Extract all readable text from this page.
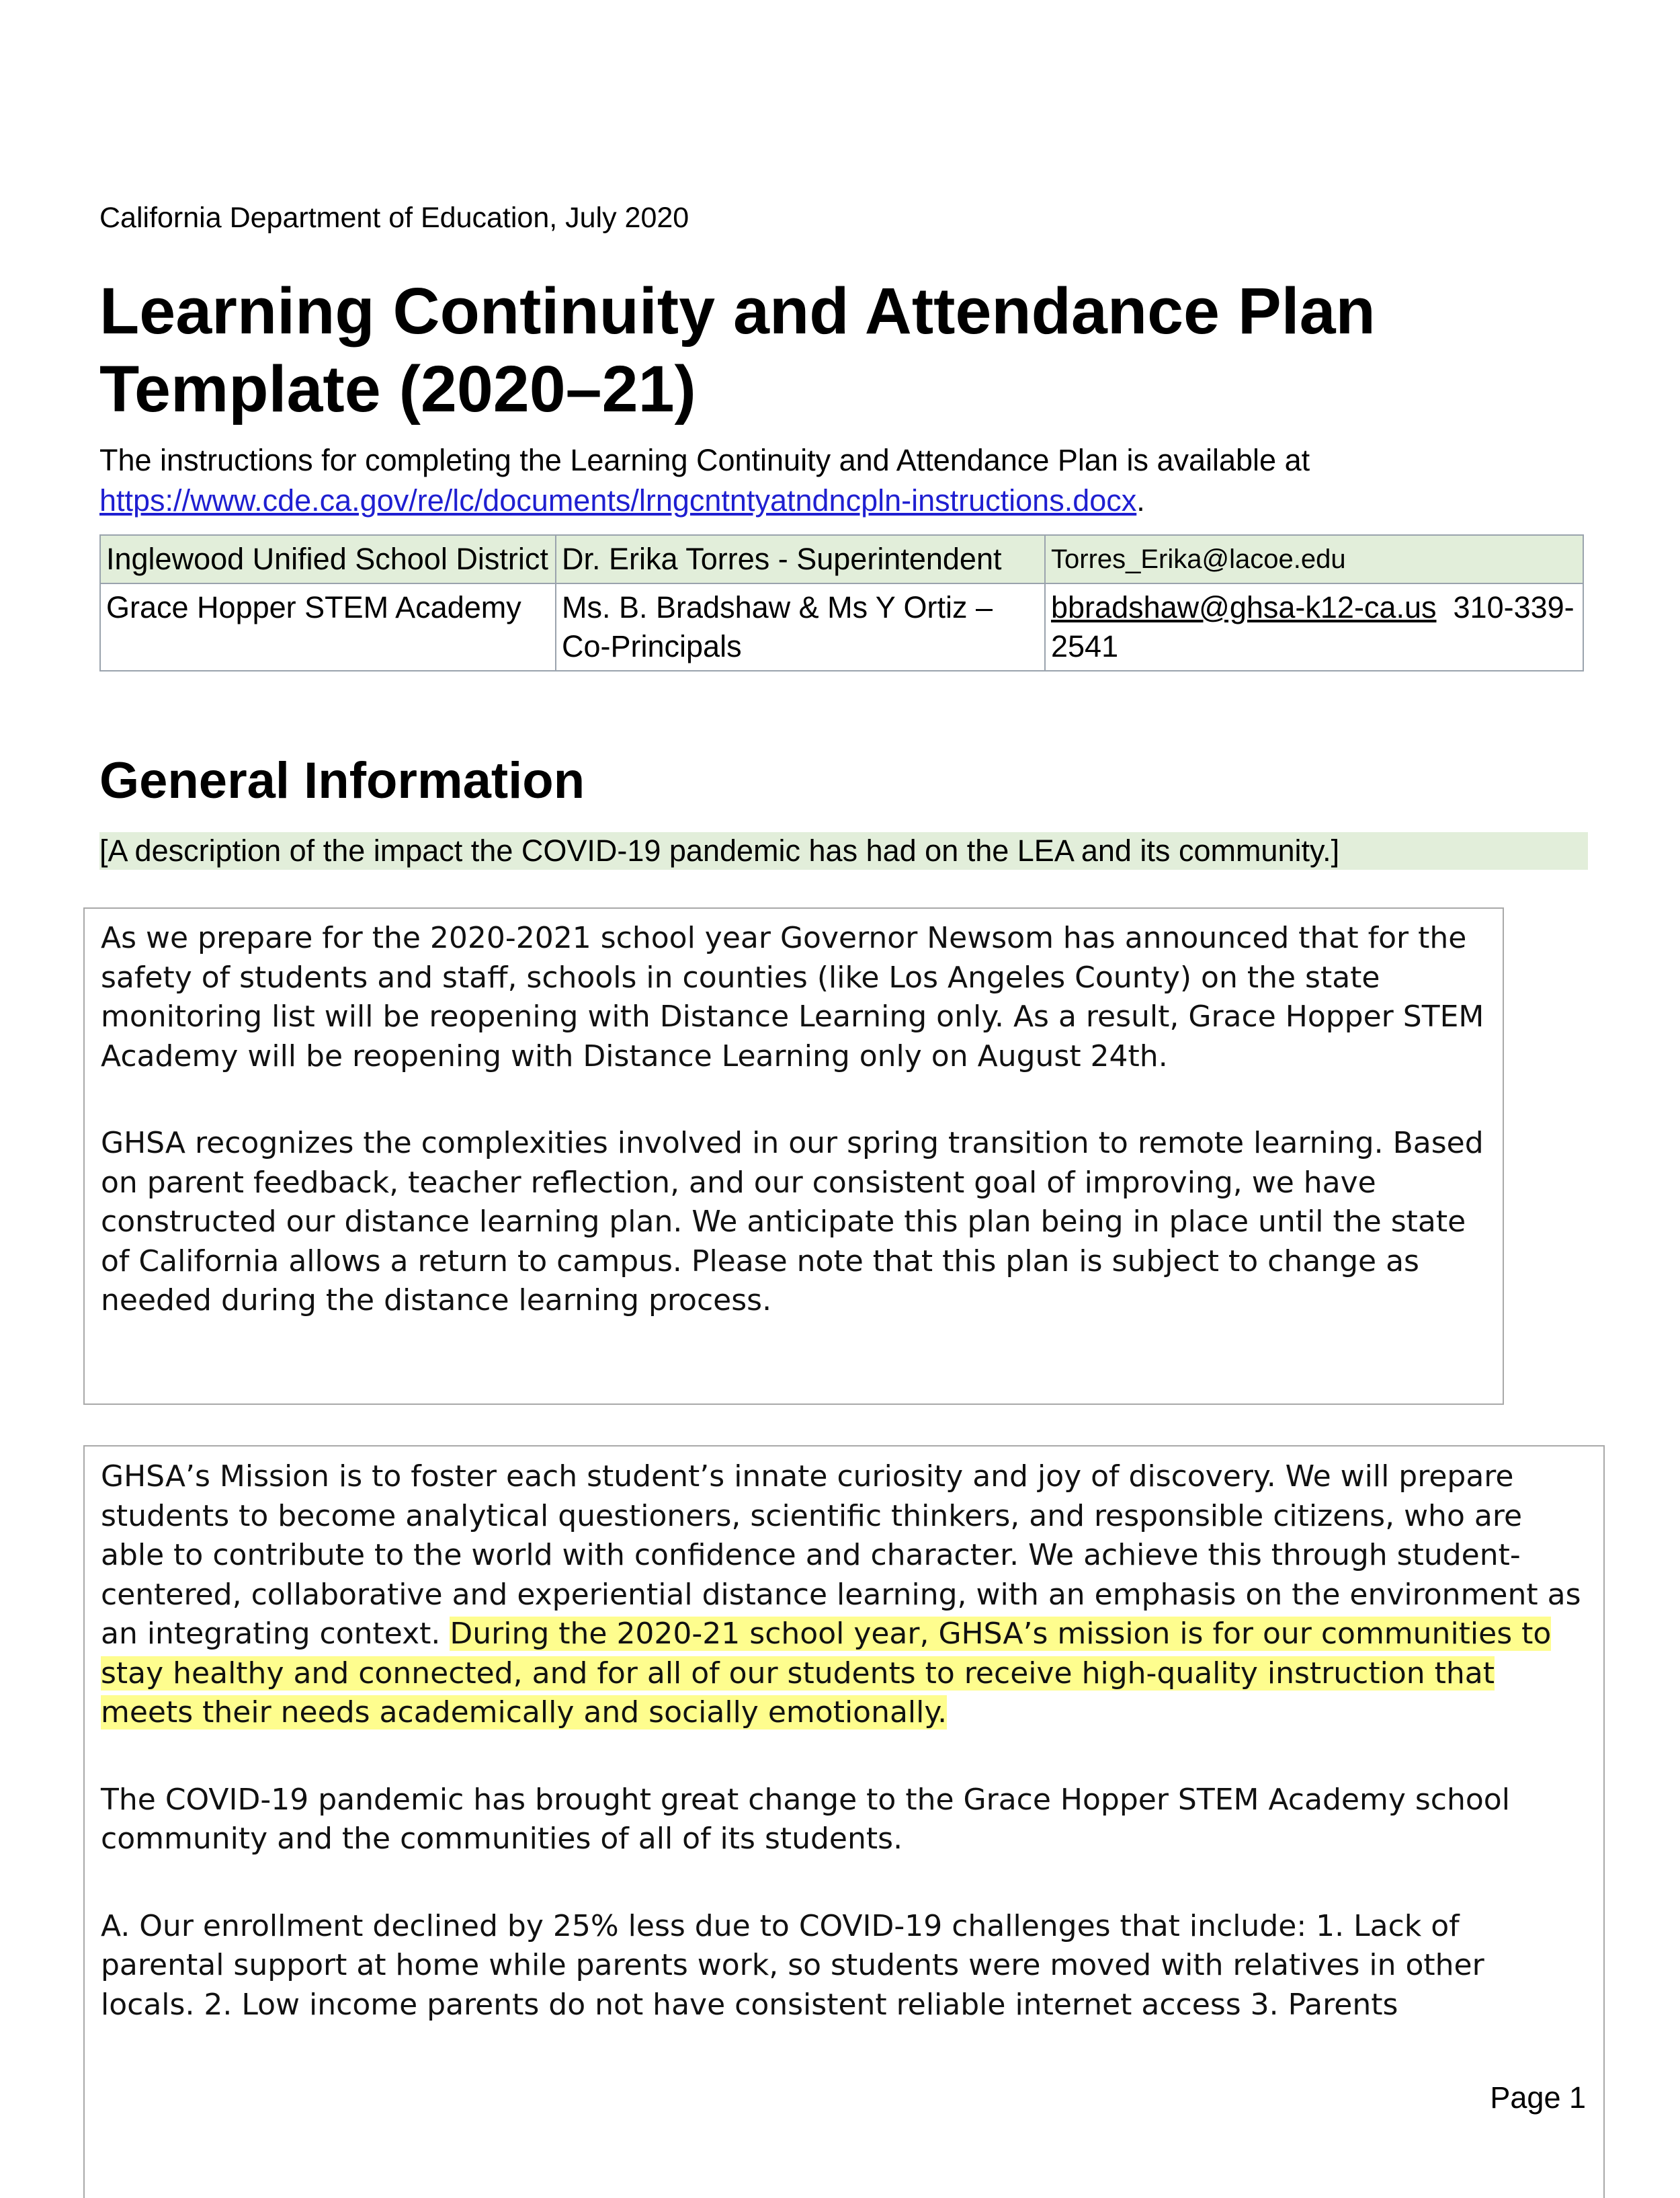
California Department of Education, July 2020
Learning Continuity and Attendance Plan
Template (2020–21)
The instructions for completing the Learning Continuity and Attendance Plan is available at
https://www.cde.ca.gov/re/lc/documents/lrngcntntyatndncpln-instructions.docx.
Inglewood Unified School District	Dr. Erika Torres - Superintendent	Torres_Erika@lacoe.edu
Grace Hopper STEM Academy	Ms. B. Bradshaw & Ms Y Ortiz – Co-Principals	bbradshaw@ghsa-k12-ca.us 310-339-2541
General Information
[A description of the impact the COVID-19 pandemic has had on the LEA and its community.]

As we prepare for the 2020-2021 school year Governor Newsom has announced that for the safety of students and staff, schools in counties (like Los Angeles County) on the state monitoring list will be reopening with Distance Learning only. As a result, Grace Hopper STEM Academy will be reopening with Distance Learning only on August 24th.

GHSA recognizes the complexities involved in our spring transition to remote learning. Based on parent feedback, teacher reflection, and our consistent goal of improving, we have constructed our distance learning plan. We anticipate this plan being in place until the state of California allows a return to campus. Please note that this plan is subject to change as needed during the distance learning process.

GHSA’s Mission is to foster each student’s innate curiosity and joy of discovery. We will prepare students to become analytical questioners, scientific thinkers, and responsible citizens, who are able to contribute to the world with confidence and character. We achieve this through student-centered, collaborative and experiential distance learning, with an emphasis on the environment as an integrating context. During the 2020-21 school year, GHSA’s mission is for our communities to stay healthy and connected, and for all of our students to receive high-quality instruction that meets their needs academically and socially emotionally.

The COVID-19 pandemic has brought great change to the Grace Hopper STEM Academy school community and the communities of all of its students.

A. Our enrollment declined by 25% less due to COVID-19 challenges that include: 1. Lack of parental support at home while parents work, so students were moved with relatives in other locals. 2. Low income parents do not have consistent reliable internet access 3. Parents

Page 1
